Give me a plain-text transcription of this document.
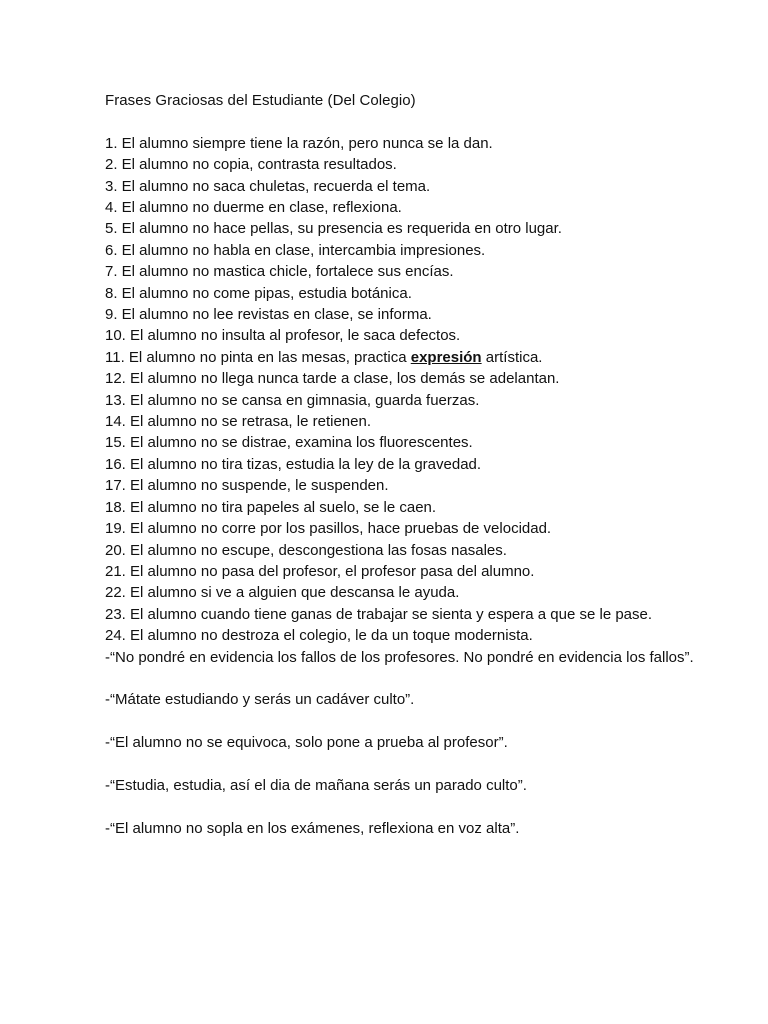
Frases Graciosas del Estudiante (Del Colegio)

1. El alumno siempre tiene la razón, pero nunca se la dan.
2. El alumno no copia, contrasta resultados.
3. El alumno no saca chuletas, recuerda el tema.
4. El alumno no duerme en clase, reflexiona.
5. El alumno no hace pellas, su presencia es requerida en otro lugar.
6. El alumno no habla en clase, intercambia impresiones.
7. El alumno no mastica chicle, fortalece sus encías.
8. El alumno no come pipas, estudia botánica.
9. El alumno no lee revistas en clase, se informa.
10. El alumno no insulta al profesor, le saca defectos.
11. El alumno no pinta en las mesas, practica expresión artística.
12. El alumno no llega nunca tarde a clase, los demás se adelantan.
13. El alumno no se cansa en gimnasia, guarda fuerzas.
14. El alumno no se retrasa, le retienen.
15. El alumno no se distrae, examina los fluorescentes.
16. El alumno no tira tizas, estudia la ley de la gravedad.
17. El alumno no suspende, le suspenden.
18. El alumno no tira papeles al suelo, se le caen.
19. El alumno no corre por los pasillos, hace pruebas de velocidad.
20. El alumno no escupe, descongestiona las fosas nasales.
21. El alumno no pasa del profesor, el profesor pasa del alumno.
22. El alumno si ve a alguien que descansa le ayuda.
23. El alumno cuando tiene ganas de trabajar se sienta y espera a que se le pase.
24. El alumno no destroza el colegio, le da un toque modernista.

-“No pondré en evidencia los fallos de los profesores. No pondré en evidencia los fallos”.

-“Mátate estudiando y serás un cadáver culto”.

-“El alumno no se equivoca, solo pone a prueba al profesor”.

-“Estudia, estudia, así el dia de mañana serás un parado culto”.

-“El alumno no sopla en los exámenes, reflexiona en voz alta”.
